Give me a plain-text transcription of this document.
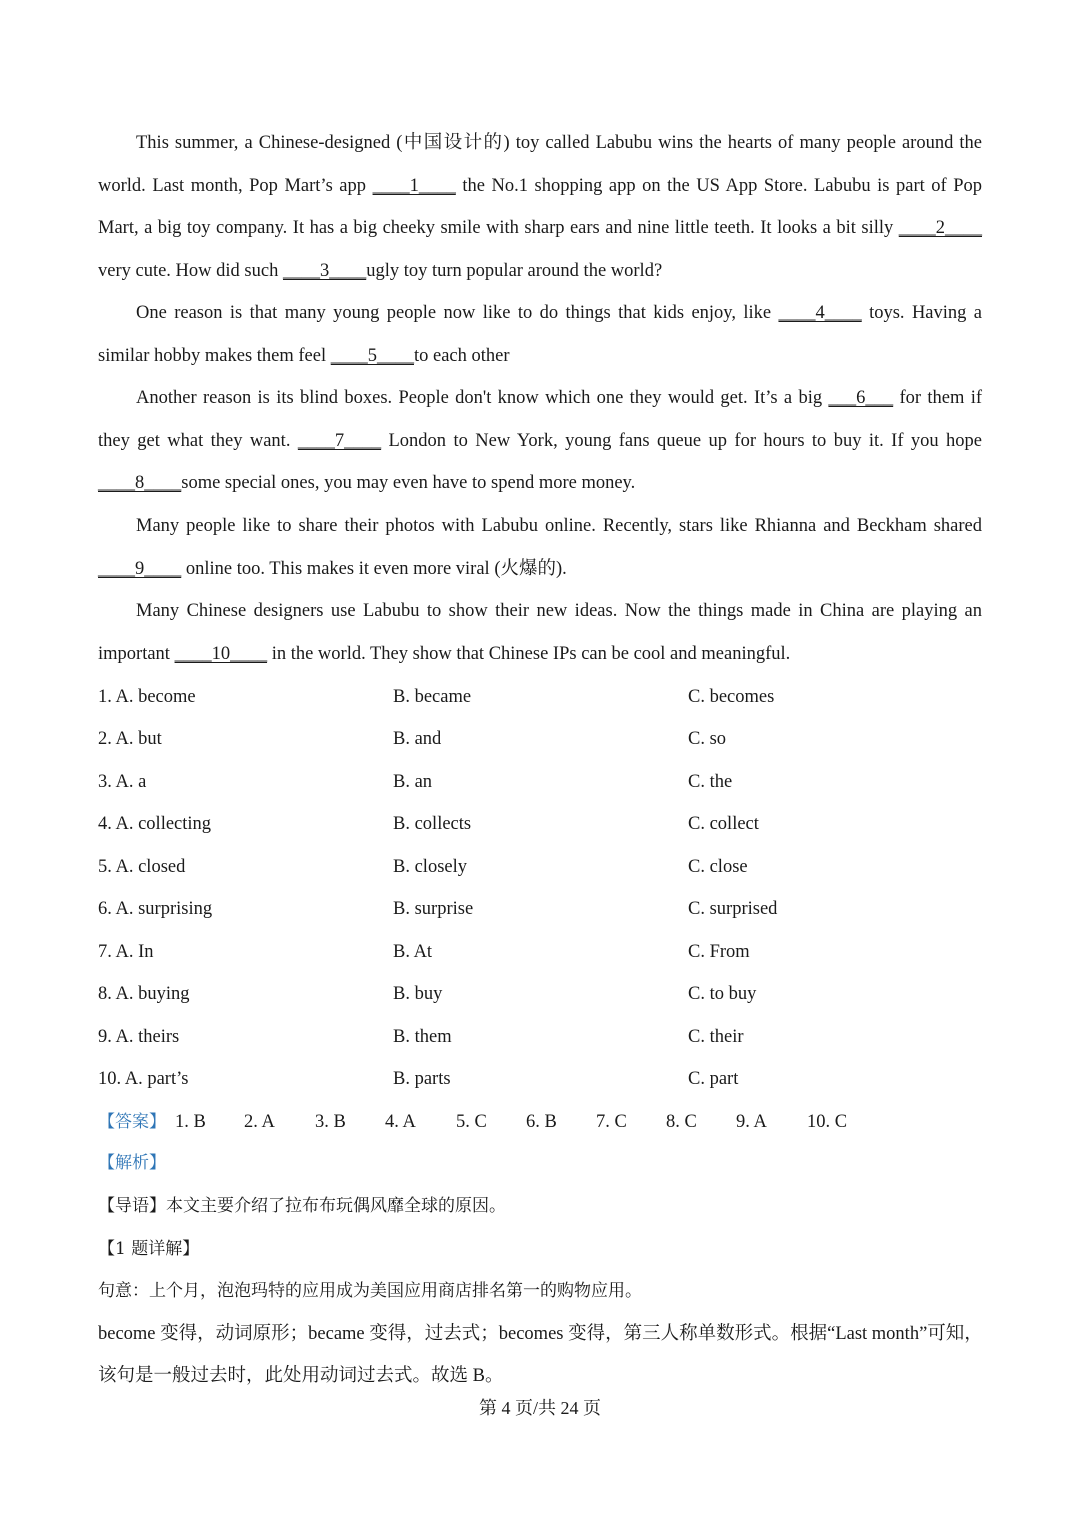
This summer, a Chinese-designed (中国设计的) toy called Labubu wins the hearts of many people around the world. Last month, Pop Mart’s app ____1____ the No.1 shopping app on the US App Store. Labubu is part of Pop Mart, a big toy company. It has a big cheeky smile with sharp ears and nine little teeth. It looks a bit silly ____2____ very cute. How did such ____3____ugly toy turn popular around the world?
One reason is that many young people now like to do things that kids enjoy, like ____4____ toys. Having a similar hobby makes them feel ____5____to each other
Another reason is its blind boxes. People don't know which one they would get. It’s a big ___6___ for them if they get what they want. ____7____ London to New York, young fans queue up for hours to buy it. If you hope ____8____some special ones, you may even have to spend more money.
Many people like to share their photos with Labubu online. Recently, stars like Rhianna and Beckham shared ____9____ online too. This makes it even more viral (火爆的).
Many Chinese designers use Labubu to show their new ideas. Now the things made in China are playing an important ____10____ in the world. They show that Chinese IPs can be cool and meaningful.
1. A. become	B. became	C. becomes
2. A. but	B. and	C. so
3. A. a	B. an	C. the
4. A. collecting	B. collects	C. collect
5. A. closed	B. closely	C. close
6. A. surprising	B. surprise	C. surprised
7. A. In	B. At	C. From
8. A. buying	B. buy	C. to buy
9. A. theirs	B. them	C. their
10. A. part’s	B. parts	C. part
【答案】 1. B 2. A 3. B 4. A 5. C 6. B 7. C 8. C 9. A 10. C
【解析】
【导语】本文主要介绍了拉布布玩偶风靡全球的原因。
【1 题详解】
句意：上个月，泡泡玛特的应用成为美国应用商店排名第一的购物应用。
become 变得，动词原形；became 变得，过去式；becomes 变得，第三人称单数形式。根据“Last month”可知，
该句是一般过去时，此处用动词过去式。故选 B。
第 4 页/共 24 页
